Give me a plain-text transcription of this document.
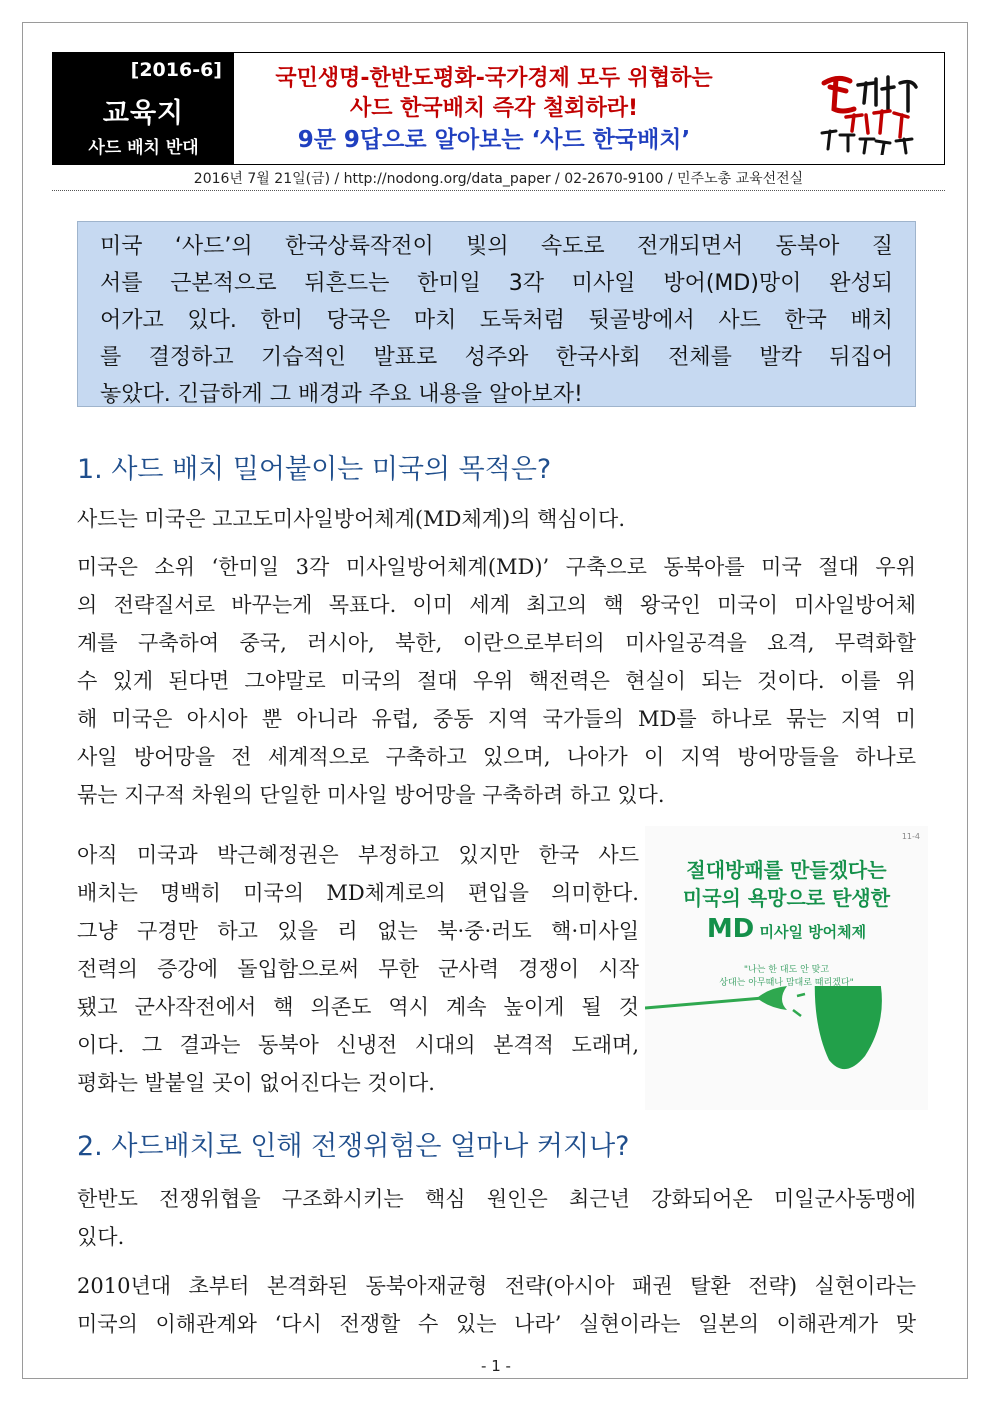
[2016-6]
교육지
사드 배치 반대
국민생명-한반도평화-국가경제 모두 위협하는
사드 한국배치 즉각 철회하라!
9문 9답으로 알아보는 ‘사드 한국배치’
2016년 7월 21일(금) / http://nodong.org/data_paper / 02-2670-9100 / 민주노총 교육선전실

미국 ‘사드’의 한국상륙작전이 빛의 속도로 전개되면서 동북아 질

서를 근본적으로 뒤흔드는 한미일 3각 미사일 방어(MD)망이 완성되

어가고 있다. 한미 당국은 마치 도둑처럼 뒷골방에서 사드 한국 배치

를 결정하고 기습적인 발표로 성주와 한국사회 전체를 발칵 뒤집어

놓았다. 긴급하게 그 배경과 주요 내용을 알아보자!

1. 사드 배치 밀어붙이는 미국의 목적은?
사드는 미국은 고고도미사일방어체계(MD체계)의 핵심이다.
미국은 소위 ‘한미일 3각 미사일방어체계(MD)’ 구축으로 동북아를 미국 절대 우위
의 전략질서로 바꾸는게 목표다. 이미 세계 최고의 핵 왕국인 미국이 미사일방어체
계를 구축하여 중국, 러시아, 북한, 이란으로부터의 미사일공격을 요격, 무력화할
수 있게 된다면 그야말로 미국의 절대 우위 핵전력은 현실이 되는 것이다. 이를 위
해 미국은 아시아 뿐 아니라 유럽, 중동 지역 국가들의 MD를 하나로 묶는 지역 미
사일 방어망을 전 세계적으로 구축하고 있으며, 나아가 이 지역 방어망들을 하나로
묶는 지구적 차원의 단일한 미사일 방어망을 구축하려 하고 있다.
아직 미국과 박근혜정권은 부정하고 있지만 한국 사드
배치는 명백히 미국의 MD체계로의 편입을 의미한다.
그냥 구경만 하고 있을 리 없는 북·중·러도 핵·미사일
전력의 증강에 돌입함으로써 무한 군사력 경쟁이 시작
됐고 군사작전에서 핵 의존도 역시 계속 높이게 될 것
이다. 그 결과는 동북아 신냉전 시대의 본격적 도래며,
평화는 발붙일 곳이 없어진다는 것이다.
11-4
절대방패를 만들겠다는
미국의 욕망으로 탄생한
MD 미사일 방어체제
"나는 한 대도 안 맞고
상대는 아무때나 맘대로 때리겠다"
2. 사드배치로 인해 전쟁위험은 얼마나 커지나?
한반도 전쟁위협을 구조화시키는 핵심 원인은 최근년 강화되어온 미일군사동맹에
있다.
2010년대 초부터 본격화된 동북아재균형 전략(아시아 패권 탈환 전략) 실현이라는
미국의 이해관계와 ‘다시 전쟁할 수 있는 나라’ 실현이라는 일본의 이해관계가 맞
- 1 -
